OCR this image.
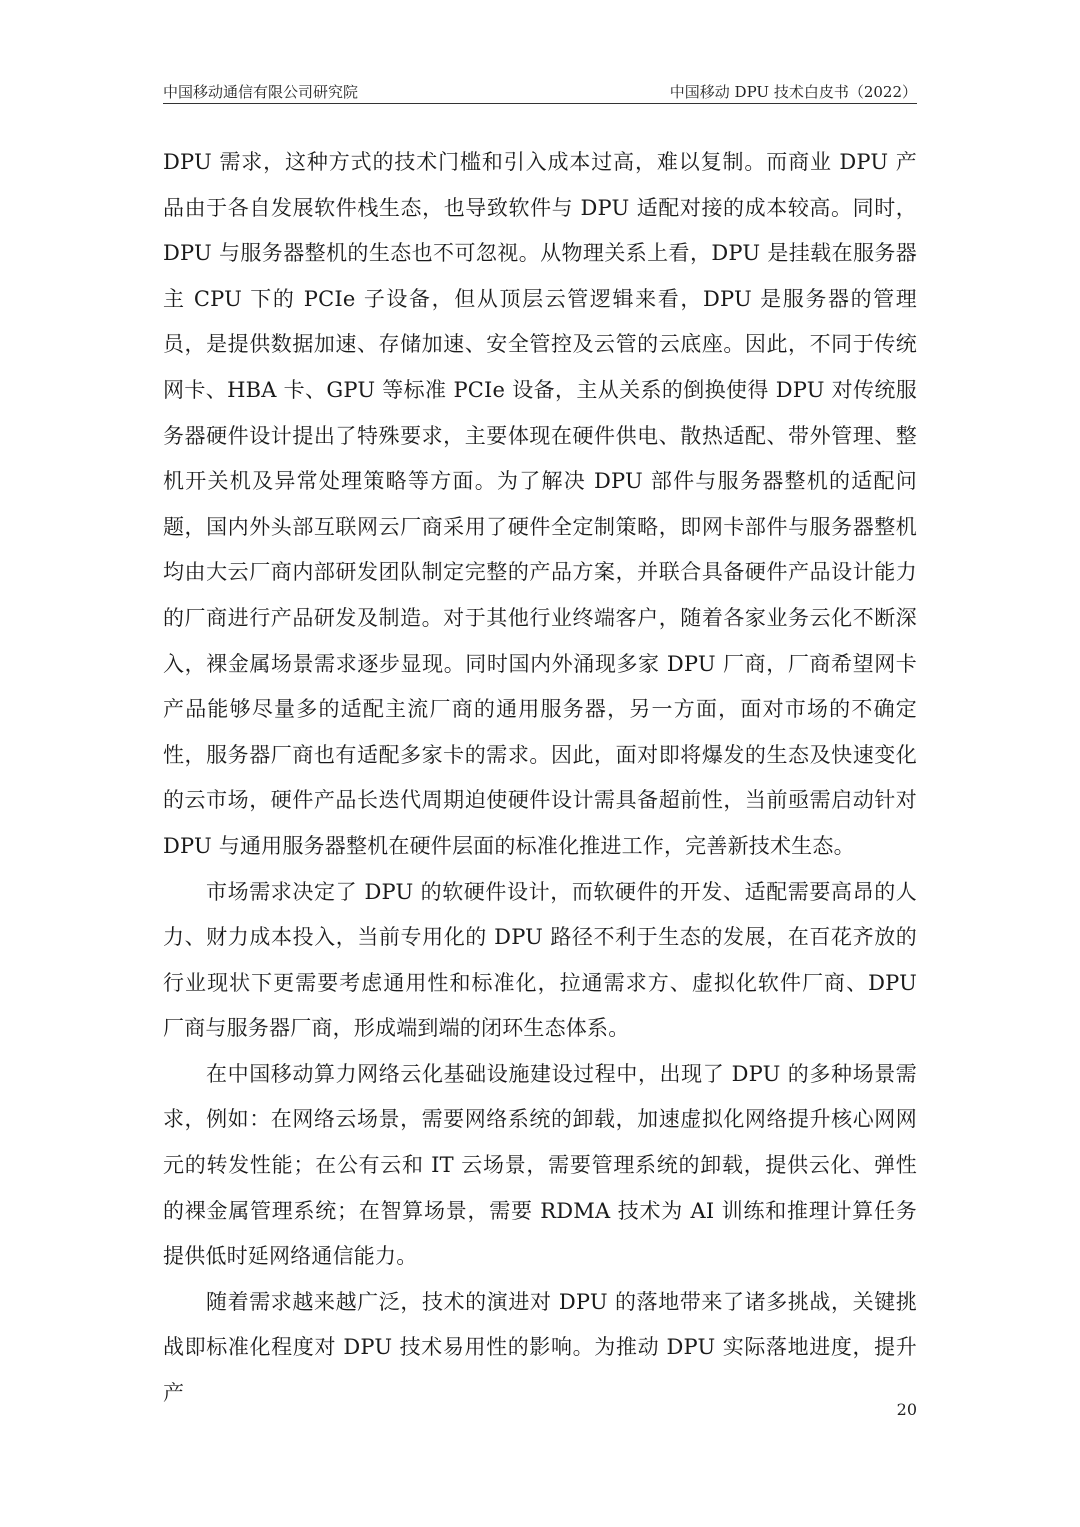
中国移动通信有限公司研究院	中国移动 DPU 技术白皮书（2022）

DPU 需求，这种方式的技术门槛和引入成本过高，难以复制。而商业 DPU 产品由于各自发展软件栈生态，也导致软件与 DPU 适配对接的成本较高。同时，DPU 与服务器整机的生态也不可忽视。从物理关系上看，DPU 是挂载在服务器主 CPU 下的 PCIe 子设备，但从顶层云管逻辑来看，DPU 是服务器的管理员，是提供数据加速、存储加速、安全管控及云管的云底座。因此，不同于传统网卡、HBA 卡、GPU 等标准 PCIe 设备，主从关系的倒换使得 DPU 对传统服务器硬件设计提出了特殊要求，主要体现在硬件供电、散热适配、带外管理、整机开关机及异常处理策略等方面。为了解决 DPU 部件与服务器整机的适配问题，国内外头部互联网云厂商采用了硬件全定制策略，即网卡部件与服务器整机均由大云厂商内部研发团队制定完整的产品方案，并联合具备硬件产品设计能力的厂商进行产品研发及制造。对于其他行业终端客户，随着各家业务云化不断深入，裸金属场景需求逐步显现。同时国内外涌现多家 DPU 厂商，厂商希望网卡产品能够尽量多的适配主流厂商的通用服务器，另一方面，面对市场的不确定性，服务器厂商也有适配多家卡的需求。因此，面对即将爆发的生态及快速变化的云市场，硬件产品长迭代周期迫使硬件设计需具备超前性，当前亟需启动针对 DPU 与通用服务器整机在硬件层面的标准化推进工作，完善新技术生态。

市场需求决定了 DPU 的软硬件设计，而软硬件的开发、适配需要高昂的人力、财力成本投入，当前专用化的 DPU 路径不利于生态的发展，在百花齐放的行业现状下更需要考虑通用性和标准化，拉通需求方、虚拟化软件厂商、DPU 厂商与服务器厂商，形成端到端的闭环生态体系。

在中国移动算力网络云化基础设施建设过程中，出现了 DPU 的多种场景需求，例如：在网络云场景，需要网络系统的卸载，加速虚拟化网络提升核心网网元的转发性能；在公有云和 IT 云场景，需要管理系统的卸载，提供云化、弹性的裸金属管理系统；在智算场景，需要 RDMA 技术为 AI 训练和推理计算任务提供低时延网络通信能力。

随着需求越来越广泛，技术的演进对 DPU 的落地带来了诸多挑战，关键挑战即标准化程度对 DPU 技术易用性的影响。为推动 DPU 实际落地进度，提升产

20
